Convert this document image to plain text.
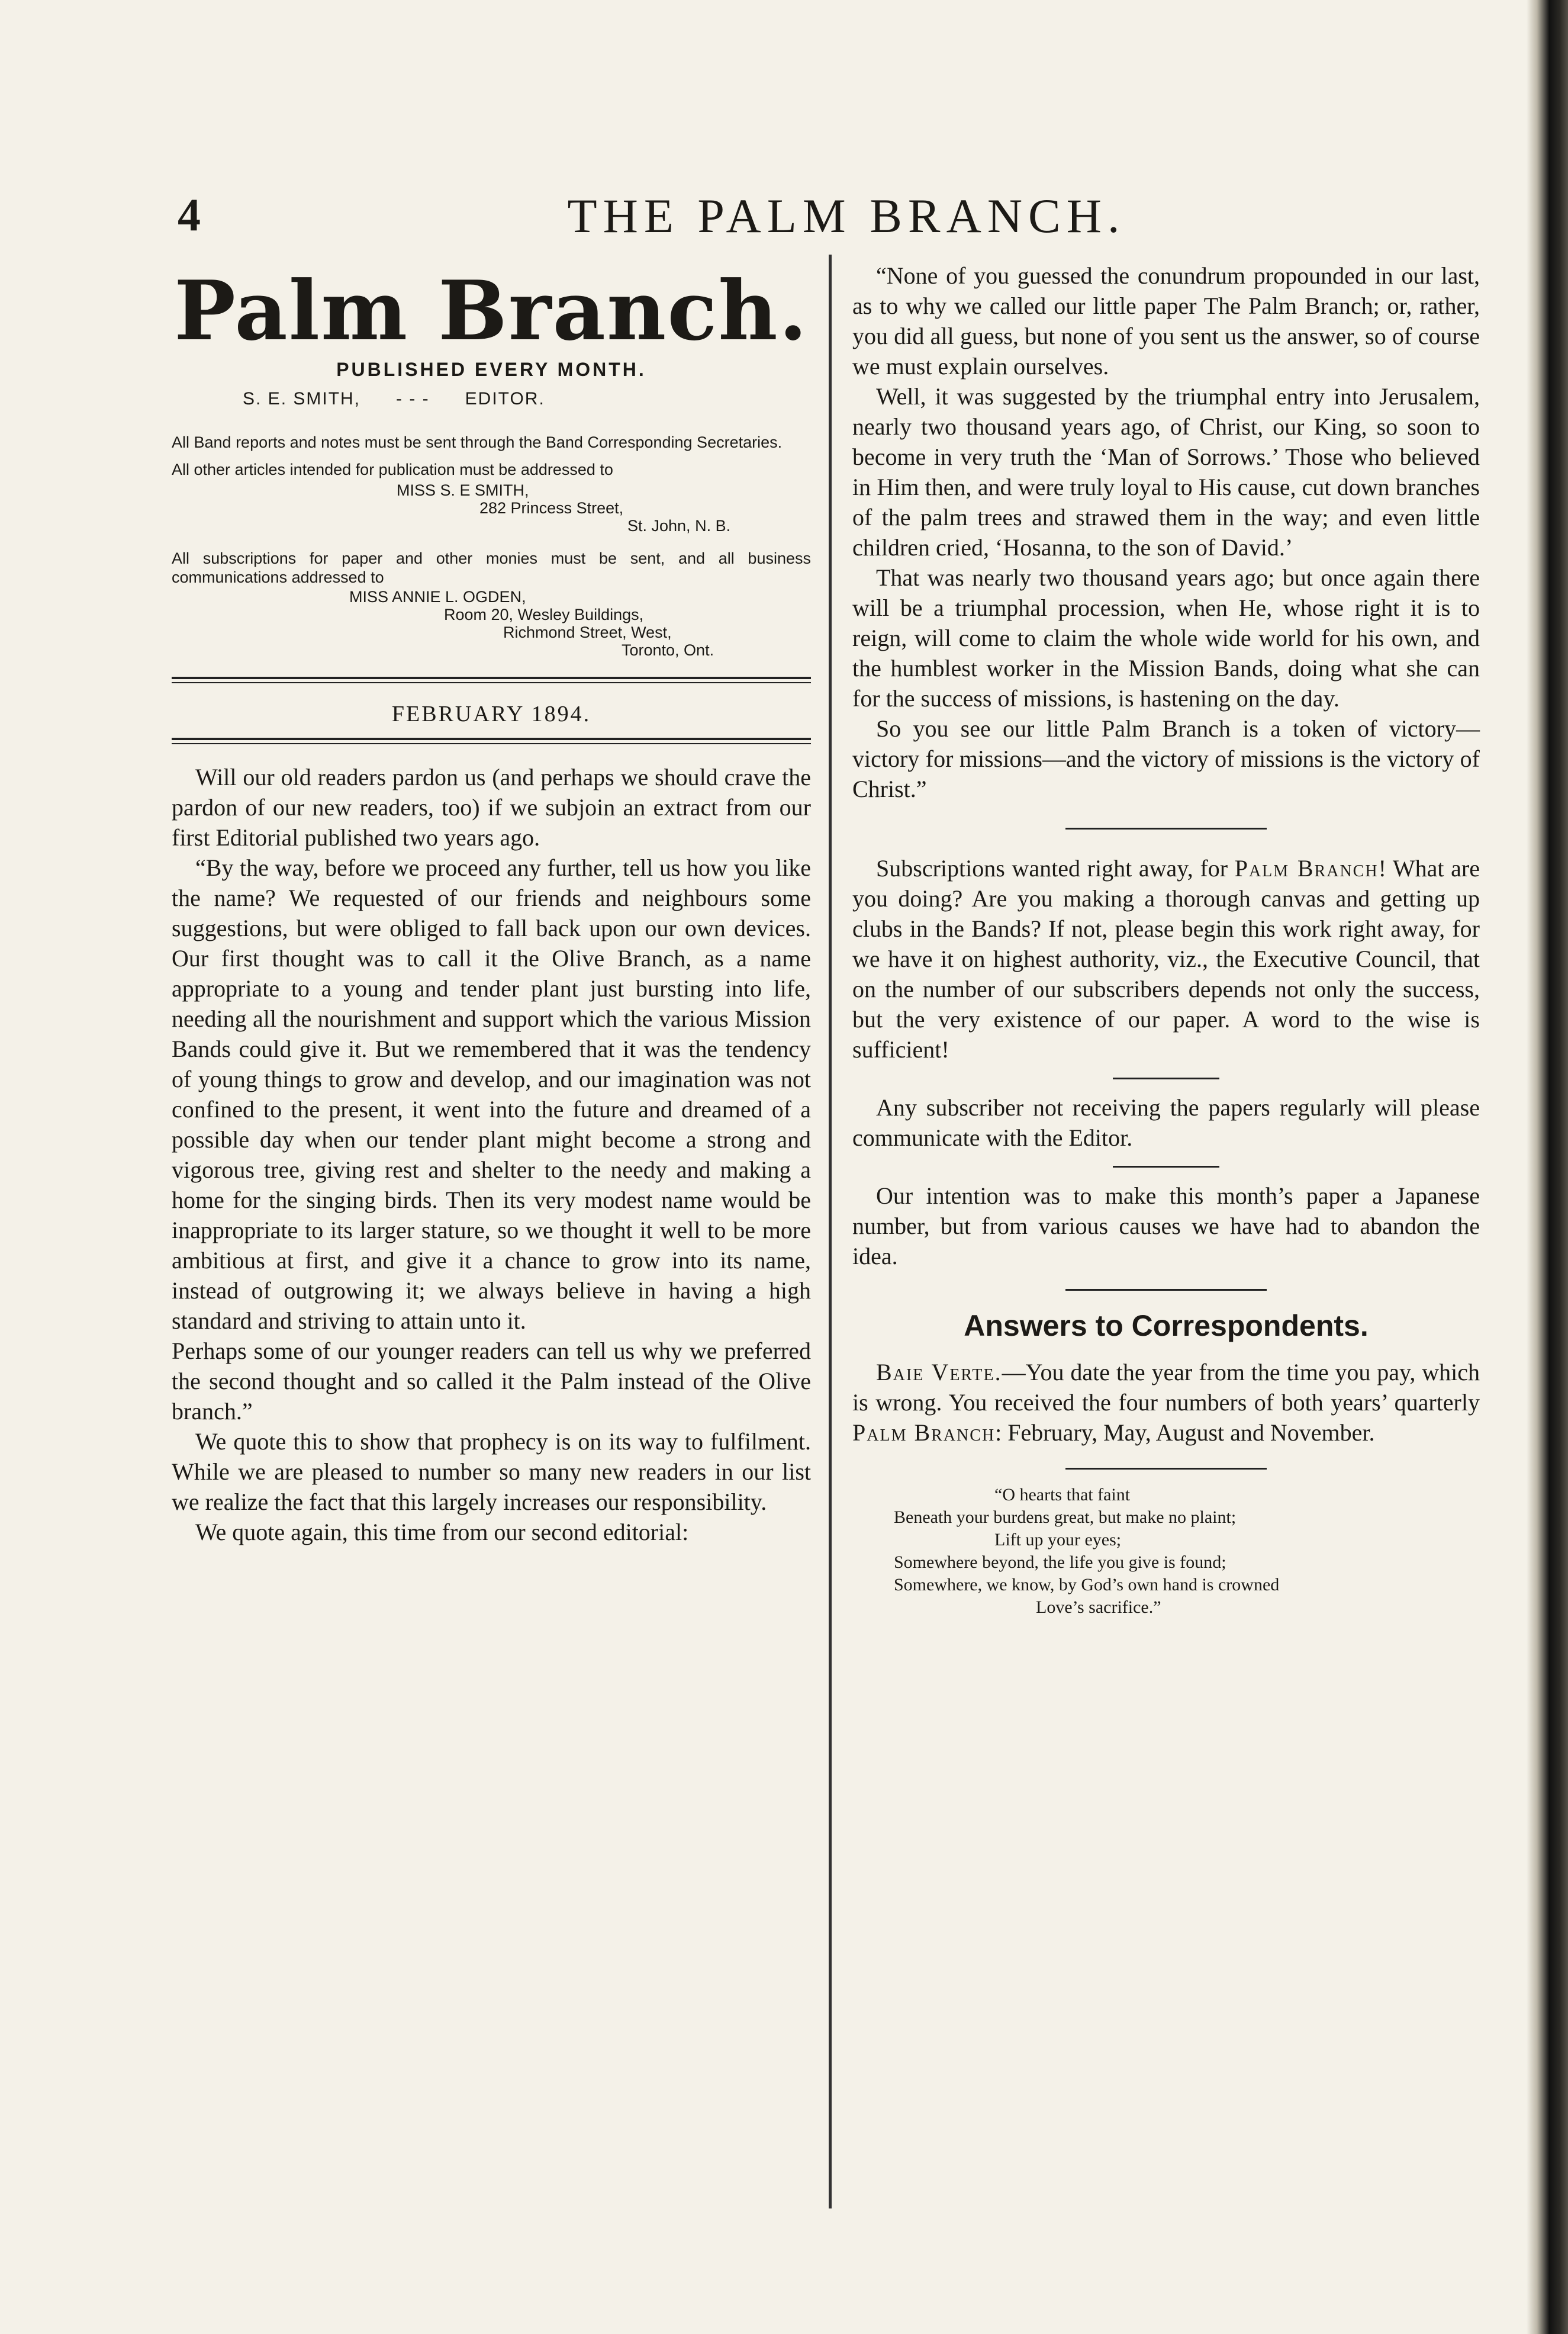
4	THE PALM BRANCH.
Palm Branch.
PUBLISHED EVERY MONTH.
S. E. SMITH, - - - EDITOR.
All Band reports and notes must be sent through the Band Corresponding Secretaries.
All other articles intended for publication must be addressed to
MISS S. E SMITH,
282 Princess Street,
St. John, N. B.
All subscriptions for paper and other monies must be sent, and all business communications addressed to
MISS ANNIE L. OGDEN,
Room 20, Wesley Buildings,
Richmond Street, West,
Toronto, Ont.
FEBRUARY 1894.

Will our old readers pardon us (and perhaps we should crave the pardon of our new readers, too) if we subjoin an extract from our first Editorial published two years ago.

“By the way, before we proceed any further, tell us how you like the name? We requested of our friends and neighbours some suggestions, but were obliged to fall back upon our own devices. Our first thought was to call it the Olive Branch, as a name appropriate to a young and tender plant just bursting into life, needing all the nourishment and support which the various Mission Bands could give it. But we remembered that it was the tendency of young things to grow and develop, and our imagination was not confined to the present, it went into the future and dreamed of a possible day when our tender plant might become a strong and vigorous tree, giving rest and shelter to the needy and making a home for the singing birds. Then its very modest name would be inappropriate to its larger stature, so we thought it well to be more ambitious at first, and give it a chance to grow into its name, instead of outgrowing it; we always believe in having a high standard and striving to attain unto it.

Perhaps some of our younger readers can tell us why we preferred the second thought and so called it the Palm instead of the Olive branch.”

We quote this to show that prophecy is on its way to fulfilment. While we are pleased to number so many new readers in our list we realize the fact that this largely increases our responsibility.

We quote again, this time from our second editorial:

“None of you guessed the conundrum propounded in our last, as to why we called our little paper The Palm Branch; or, rather, you did all guess, but none of you sent us the answer, so of course we must explain ourselves.

Well, it was suggested by the triumphal entry into Jerusalem, nearly two thousand years ago, of Christ, our King, so soon to become in very truth the ‘Man of Sorrows.’ Those who believed in Him then, and were truly loyal to His cause, cut down branches of the palm trees and strawed them in the way; and even little children cried, ‘Hosanna, to the son of David.’

That was nearly two thousand years ago; but once again there will be a triumphal procession, when He, whose right it is to reign, will come to claim the whole wide world for his own, and the humblest worker in the Mission Bands, doing what she can for the success of missions, is hastening on the day.

So you see our little Palm Branch is a token of victory—victory for missions—and the victory of missions is the victory of Christ.”

Subscriptions wanted right away, for Palm Branch! What are you doing? Are you making a thorough canvas and getting up clubs in the Bands? If not, please begin this work right away, for we have it on highest authority, viz., the Executive Council, that on the number of our subscribers depends not only the success, but the very existence of our paper. A word to the wise is sufficient!

Any subscriber not receiving the papers regularly will please communicate with the Editor.

Our intention was to make this month’s paper a Japanese number, but from various causes we have had to abandon the idea.

Answers to Correspondents.

Baie Verte.—You date the year from the time you pay, which is wrong. You received the four numbers of both years’ quarterly Palm Branch: February, May, August and November.

“O hearts that faint
Beneath your burdens great, but make no plaint;
Lift up your eyes;
Somewhere beyond, the life you give is found;
Somewhere, we know, by God’s own hand is crowned
Love’s sacrifice.”
